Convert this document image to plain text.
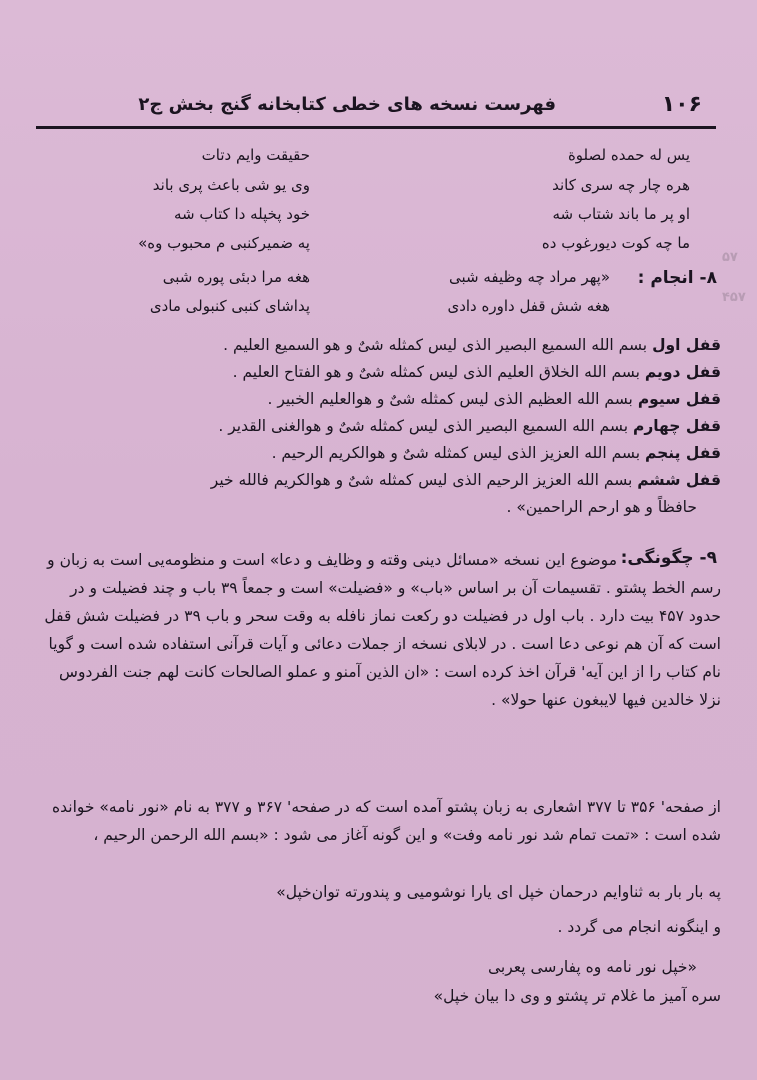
۵۷
۴۵۷
۱۰۶
فهرست نسخه های خطی کتابخانه گنج بخش ج۲
یس له حمده لصلوة
حقیقت وایم دتات
هره چار چه سری کاند
وی یو شی باعث پری باند
او پر ما باند شتاب شه
خود پخپله دا کتاب شه
ما چه کوت دیورغوب ده
په ضمیرکنبی م محبوب وه»
۸- انجام :
«پهر مراد چه وظیفه شبی
هغه مرا دبئی پوره شبی
هغه شش قفل داوره دادی
پداشای کنبی کنبولی مادی

قفل اول بسم الله السمیع البصیر الذی لیس کمثله شیٌ و هو السمیع العلیم .

قفل دویم بسم الله الخلاق العلیم الذی لیس کمثله شیٌ و هو الفتاح العلیم .

قفل سیوم بسم الله العظیم الذی لیس کمثله شیٌ و هوالعلیم الخبیر .

قفل چهارم بسم الله السمیع البصیر الذی لیس کمثله شیٌ و هوالغنی القدیر .

قفل پنجم بسم الله العزیز الذی لیس کمثله شیٌ و هوالکریم الرحیم .

قفل ششم بسم الله العزیز الرحیم الذی لیس کمثله شیٌ و هوالکریم فالله خیر

حافظاً و هو ارحم الراحمین» .

۹- چگونگی:
موضوع این نسخه «مسائل دینی وقته و وظایف و دعا» است و منظومه‌یی است به زبان و رسم الخط پشتو . تقسیمات آن بر اساس «باب» و «فضیلت» است و جمعاً ۳۹ باب و چند فضیلت و در حدود ۴۵۷ بیت دارد . باب اول در فضیلت دو رکعت نماز نافله به وقت سحر و باب ۳۹ در فضیلت شش قفل است که آن هم نوعی دعا است . در لابلای نسخه از جملات دعائی و آیات قرآنی استفاده شده است و گویا نام کتاب را از این آیه' قرآن اخذ کرده است : «ان الذین آمنو و عملو الصالحات کانت لهم جنت الفردوس نزلا خالدین فیها لایبغون عنها حولا» .
از صفحه' ۳۵۶ تا ۳۷۷ اشعاری به زبان پشتو آمده است که در صفحه' ۳۶۷ و ۳۷۷ به نام «نور نامه» خوانده شده است : «تمت تمام شد نور نامه وفت» و این گونه آغاز می شود : «بسم الله الرحمن الرحیم ،
په بار بار به ثناوایم درحمان خپل ای یارا نوشومیی و پندورته توان‌خپل»
و اینگونه انجام می گردد .
«خپل نور نامه وه پفارسی پعربی
سره آمیز ما غلام تر پشتو و وی دا بیان خپل»
